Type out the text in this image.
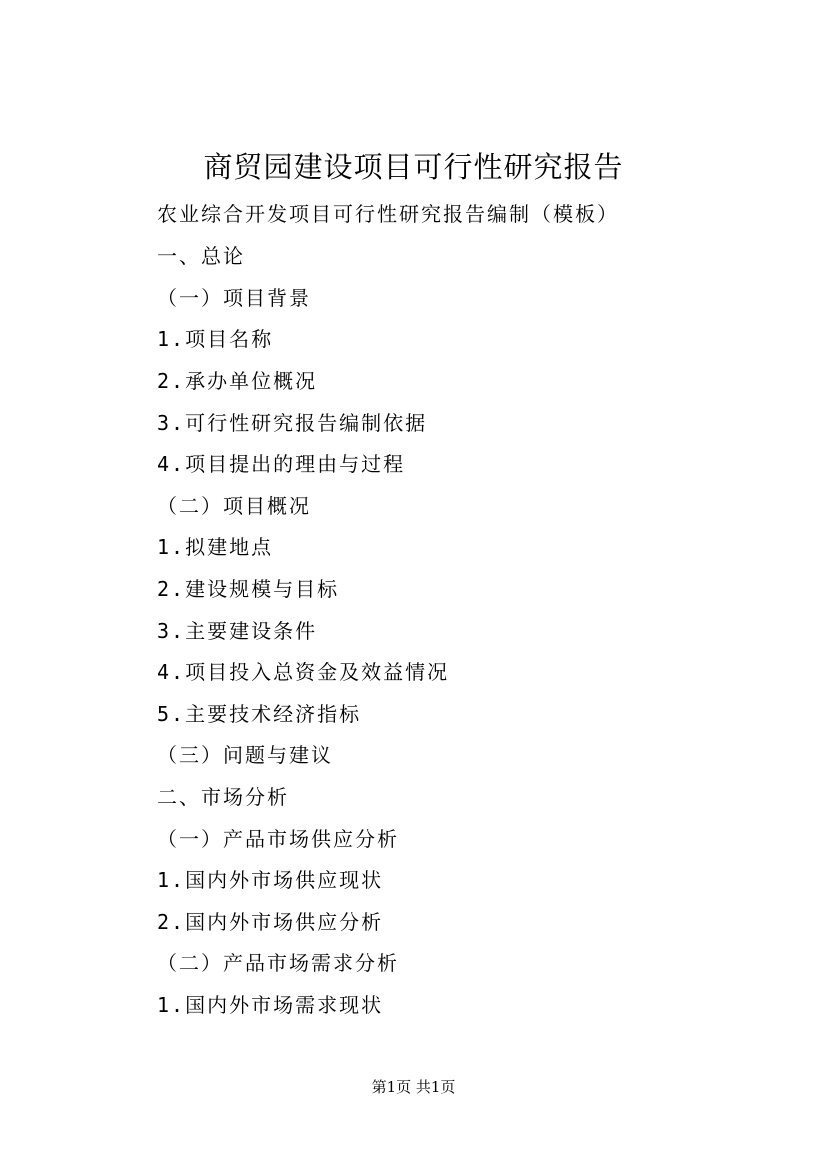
商贸园建设项目可行性研究报告
农业综合开发项目可行性研究报告编制（模板）
一、总论
（一）项目背景
1.项目名称
2.承办单位概况
3.可行性研究报告编制依据
4.项目提出的理由与过程
（二）项目概况
1.拟建地点
2.建设规模与目标
3.主要建设条件
4.项目投入总资金及效益情况
5.主要技术经济指标
（三）问题与建议
二、市场分析
（一）产品市场供应分析
1.国内外市场供应现状
2.国内外市场供应分析
（二）产品市场需求分析
1.国内外市场需求现状
第1页 共1页
